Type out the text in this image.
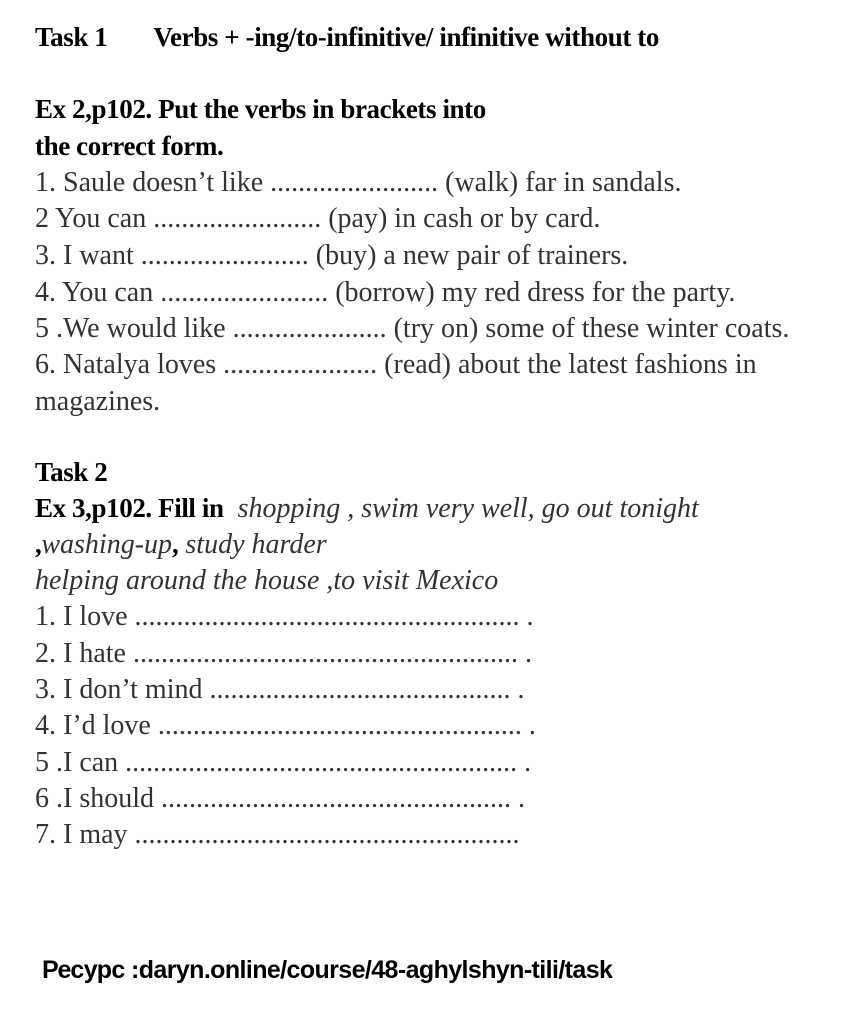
Task 1 Verbs + -ing/to-infinitive/ infinitive without to
Ex 2,p102. Put the verbs in brackets into
the correct form.
1. Saule doesn’t like ........................ (walk) far in sandals.
2 You can ........................ (pay) in cash or by card.
3. I want ........................ (buy) a new pair of trainers.
4. You can ........................ (borrow) my red dress for the party.
5 .We would like ...................... (try on) some of these winter coats.
6. Natalya loves ...................... (read) about the latest fashions in
magazines.
Task 2
Ex 3,p102. Fill in shopping , swim very well, go out tonight
,washing-up, study harder
helping around the house ,to visit Mexico
1. I love ....................................................... .
2. I hate ....................................................... .
3. I don’t mind ........................................... .
4. I’d love .................................................... .
5 .I can ........................................................ .
6 .I should .................................................. .
7. I may .......................................................
Ресурс :daryn.online/course/48-aghylshyn-tili/task
